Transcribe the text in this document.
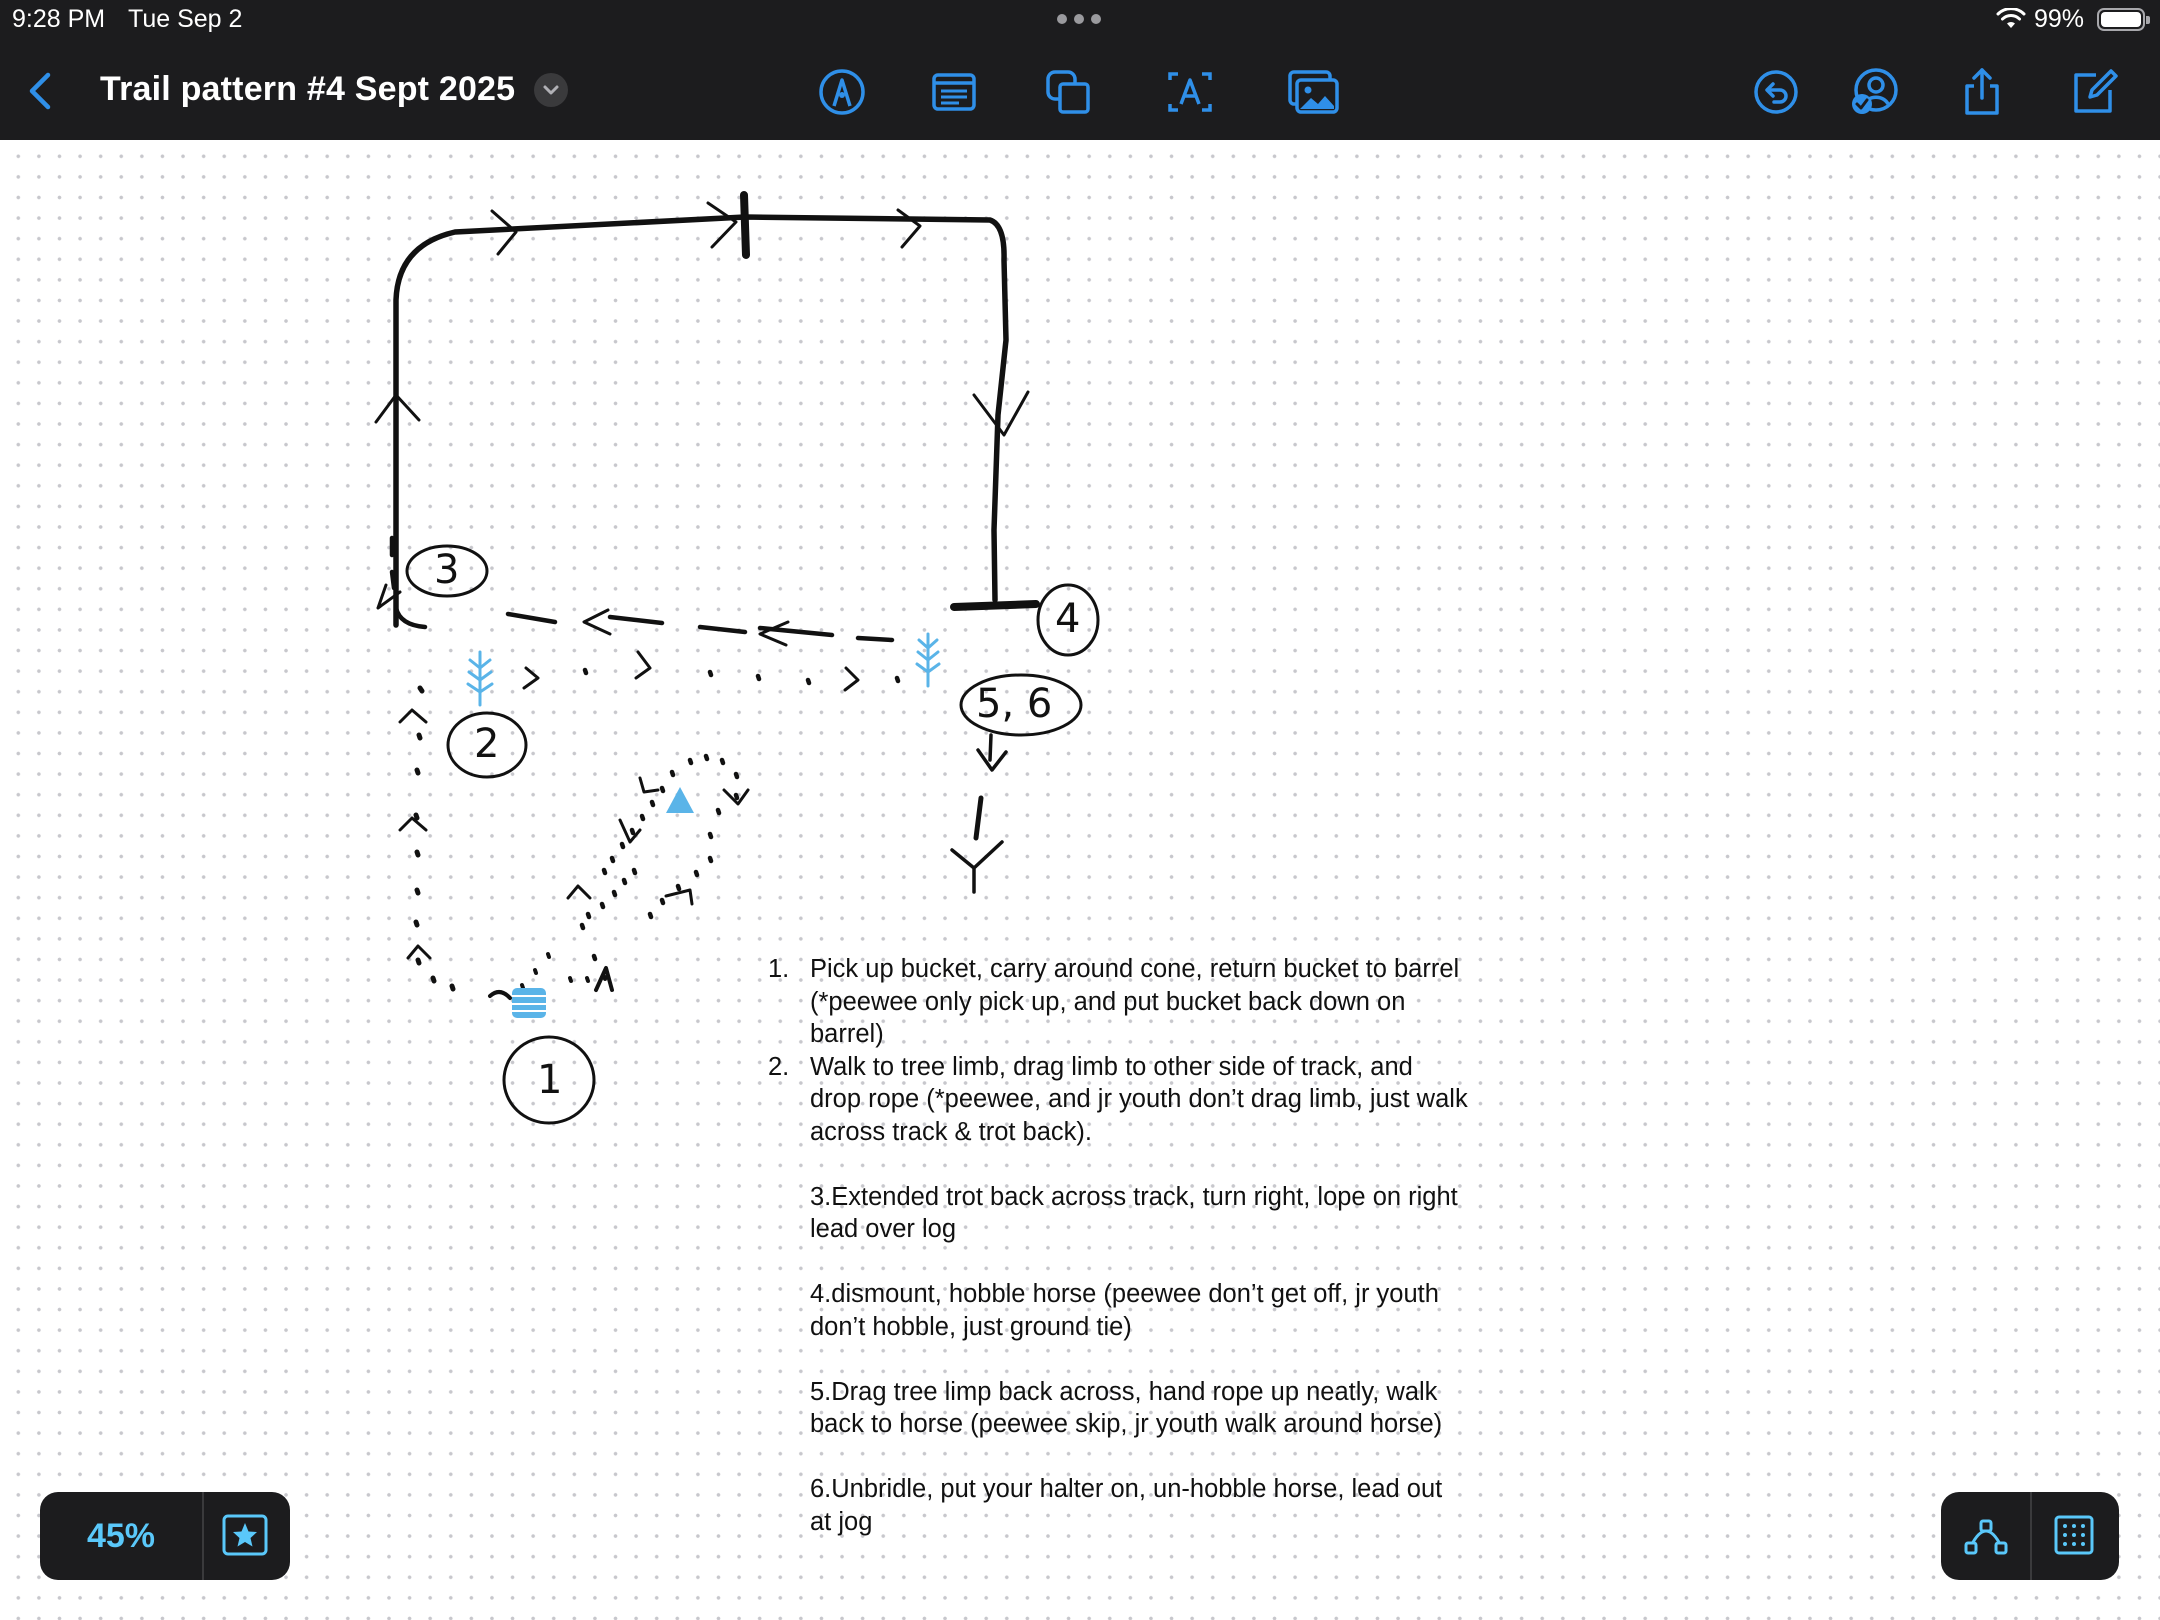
9:28 PM Tue Sep 2	99%
Trail pattern #4 Sept 2025
1
2
3
4
5, 6
1. Pick up bucket, carry around cone, return bucket to barrel (*peewee only pick up, and put bucket back down on barrel)
2. Walk to tree limb, drag limb to other side of track, and drop rope (*peewee, and jr youth don’t drag limb, just walk across track & trot back).
3.Extended trot back across track, turn right, lope on right lead over log
4.dismount, hobble horse (peewee don’t get off, jr youth don’t hobble, just ground tie)
5.Drag tree limp back across, hand rope up neatly, walk back to horse (peewee skip, jr youth walk around horse)
6.Unbridle, put your halter on, un-hobble horse, lead out at jog
45%
